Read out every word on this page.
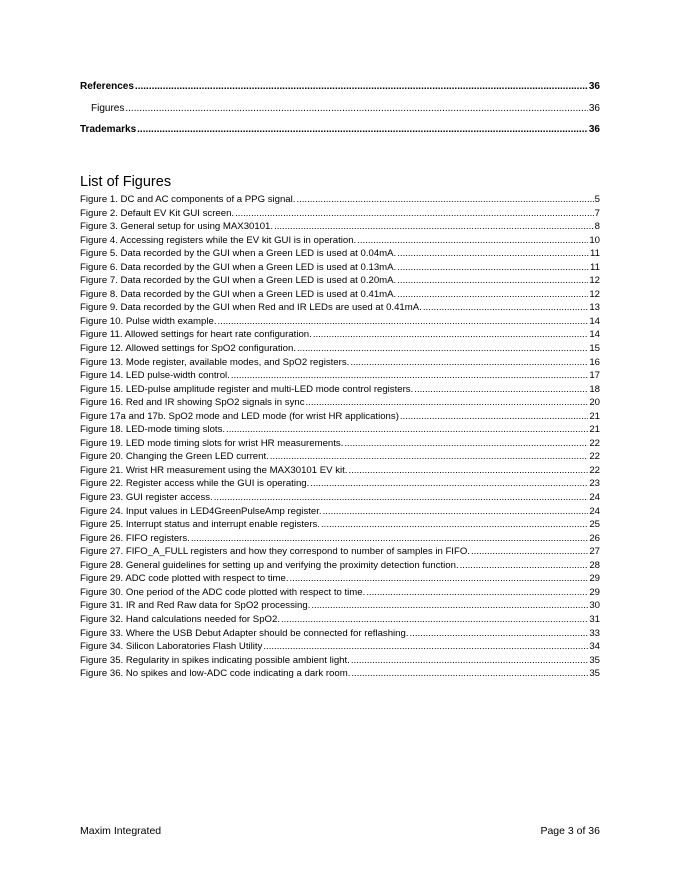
References .....	36
Figures .....	36
Trademarks .....	36
List of Figures
Figure 1. DC and AC components of a PPG signal. .....	5
Figure 2. Default EV Kit GUI screen. .....	7
Figure 3. General setup for using MAX30101. .....	8
Figure 4. Accessing registers while the EV kit GUI is in operation. .....	10
Figure 5. Data recorded by the GUI when a Green LED is used at 0.04mA. .....	11
Figure 6. Data recorded by the GUI when a Green LED is used at 0.13mA. .....	11
Figure 7. Data recorded by the GUI when a Green LED is used at 0.20mA. .....	12
Figure 8. Data recorded by the GUI when a Green LED is used at 0.41mA. .....	12
Figure 9. Data recorded by the GUI when Red and IR LEDs are used at 0.41mA. .....	13
Figure 10. Pulse width example. .....	14
Figure 11. Allowed settings for heart rate configuration. .....	14
Figure 12. Allowed settings for SpO2 configuration. .....	15
Figure 13. Mode register, available modes, and SpO2 registers. .....	16
Figure 14. LED pulse-width control. .....	17
Figure 15. LED-pulse amplitude register and multi-LED mode control registers. .....	18
Figure 16. Red and IR showing SpO2 signals in sync .....	20
Figure 17a and 17b. SpO2 mode and LED mode (for wrist HR applications) .....	21
Figure 18. LED-mode timing slots. .....	21
Figure 19. LED mode timing slots for wrist HR measurements. .....	22
Figure 20. Changing the Green LED current. .....	22
Figure 21. Wrist HR measurement using the MAX30101 EV kit. .....	22
Figure 22. Register access while the GUI is operating. .....	23
Figure 23. GUI register access. .....	24
Figure 24. Input values in LED4GreenPulseAmp register. .....	24
Figure 25. Interrupt status and interrupt enable registers. .....	25
Figure 26. FIFO registers. .....	26
Figure 27. FIFO_A_FULL registers and how they correspond to number of samples in FIFO. .....	27
Figure 28. General guidelines for setting up and verifying the proximity detection function. .....	28
Figure 29. ADC code plotted with respect to time. .....	29
Figure 30. One period of the ADC code plotted with respect to time. .....	29
Figure 31. IR and Red Raw data for SpO2 processing. .....	30
Figure 32. Hand calculations needed for SpO2. .....	31
Figure 33. Where the USB Debut Adapter should be connected for reflashing. .....	33
Figure 34. Silicon Laboratories Flash Utility .....	34
Figure 35. Regularity in spikes indicating possible ambient light. .....	35
Figure 36. No spikes and low-ADC code indicating a dark room. .....	35
Maxim Integrated	Page 3 of 36
